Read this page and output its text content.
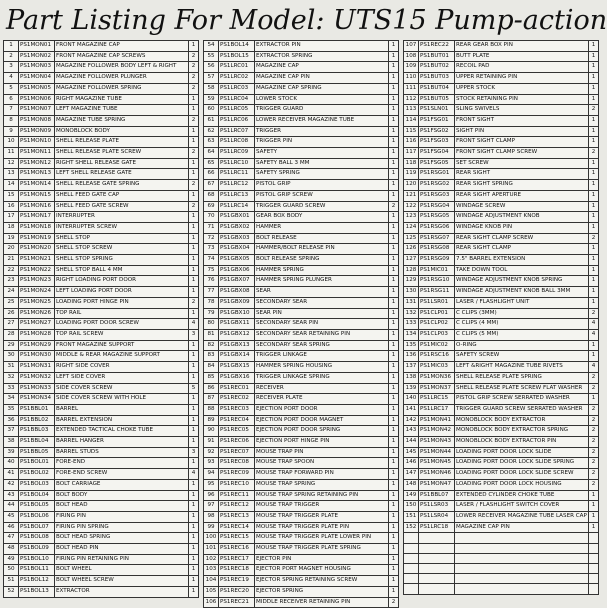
Part Listing For Model: UTS15 Pump-action
1	PS1MON01	FRONT MAGAZINE CAP	1
2	PS1MON02	FRONT MAGAZINE CAP SCREWS	2
3	PS1MON03	MAGAZINE FOLLOWER BODY LEFT & RIGHT	2
4	PS1MON04	MAGAZINE FOLLOWER PLUNGER	2
5	PS1MON05	MAGAZINE FOLLOWER SPRING	2
6	PS1MON06	RIGHT MAGAZINE TUBE	1
7	PS1MON07	LEFT MAGAZINE TUBE	1
8	PS1MON08	MAGAZINE TUBE SPRING	2
9	PS1MON09	MONOBLOCK BODY	1
10	PS1MON10	SHELL RELEASE PLATE	1
11	PS1MON11	SHELL RELEASE PLATE SCREW	2
12	PS1MON12	RIGHT SHELL RELEASE GATE	1
13	PS1MON13	LEFT SHELL RELEASE GATE	1
14	PS1MON14	SHELL RELEASE GATE SPRING	2
15	PS1MON15	SHELL FEED GATE CAP	1
16	PS1MON16	SHELL FEED GATE SCREW	2
17	PS1MON17	INTERRUPTER	1
18	PS1MON18	INTERRUPTER SCREW	1
19	PS1MON19	SHELL STOP	1
20	PS1MON20	SHELL STOP SCREW	1
21	PS1MON21	SHELL STOP SPRING	1
22	PS1MON22	SHELL STOP BALL 4 MM	1
23	PS1MON23	RIGHT LOADING PORT DOOR	1
24	PS1MON24	LEFT LOADING PORT DOOR	1
25	PS1MON25	LOADING PORT HINGE PIN	2
26	PS1MON26	TOP RAIL	1
27	PS1MON27	LOADING PORT DOOR SCREW	4
28	PS1MON28	TOP RAIL SCREW	3
29	PS1MON29	FRONT MAGAZINE SUPPORT	1
30	PS1MON30	MIDDLE & REAR MAGAZINE SUPPORT	1
31	PS1MON31	RIGHT SIDE COVER	1
32	PS1MON32	LEFT SIDE COVER	1
33	PS1MON33	SIDE COVER SCREW	5
34	PS1MON34	SIDE COVER SCREW WITH HOLE	1
35	PS1BBL01	BARREL	1
36	PS1BBL02	BARREL EXTENSION	1
37	PS1BBL03	EXTENDED TACTICAL CHOKE TUBE	1
38	PS1BBL04	BARREL HANGER	1
39	PS1BBL05	BARREL STUDS	3
40	PS1BOL01	FORE-END	1
41	PS1BOL02	FORE-END SCREW	4
42	PS1BOL03	BOLT CARRIAGE	1
43	PS1BOL04	BOLT BODY	1
44	PS1BOL05	BOLT HEAD	1
45	PS1BOL06	FIRING PIN	1
46	PS1BOL07	FIRING PIN SPRING	1
47	PS1BOL08	BOLT HEAD SPRING	1
48	PS1BOL09	BOLT HEAD PIN	1
49	PS1BOL10	FIRING PIN RETAINING PIN	1
50	PS1BOL11	BOLT WHEEL	1
51	PS1BOL12	BOLT WHEEL SCREW	1
52	PS1BOL13	EXTRACTOR	1
54	PS1BOL14	EXTRACTOR PIN	1
55	PS1BOL15	EXTRACTOR SPRING	1
56	PS1LRC01	MAGAZINE CAP	1
57	PS1LRC02	MAGAZINE CAP PIN	1
58	PS1LRC03	MAGAZINE CAP SPRING	1
59	PS1LRC04	LOWER STOCK	1
60	PS1LRC05	TRIGGER GUARD	1
61	PS1LRC06	LOWER RECEIVER MAGAZINE TUBE	1
62	PS1LRC07	TRIGGER	1
63	PS1LRC08	TRIGGER PIN	1
64	PS1LRC09	SAFETY	1
65	PS1LRC10	SAFETY BALL 3 MM	1
66	PS1LRC11	SAFETY SPRING	1
67	PS1LRC12	PISTOL GRIP	1
68	PS1LRC13	PISTOL GRIP SCREW	1
69	PS1LRC14	TRIGGER GUARD SCREW	2
70	PS1GBX01	GEAR BOX BODY	1
71	PS1GBX02	HAMMER	1
72	PS1GBX03	BOLT RELEASE	1
73	PS1GBX04	HAMMER/BOLT RELEASE PIN	1
74	PS1GBX05	BOLT RELEASE SPRING	1
75	PS1GBX06	HAMMER SPRING	1
76	PS1GBX07	HAMMER SPRING PLUNGER	1
77	PS1GBX08	SEAR	1
78	PS1GBX09	SECONDARY SEAR	1
79	PS1GBX10	SEAR PIN	1
80	PS1GBX11	SECONDARY SEAR PIN	1
81	PS1GBX12	SECONDARY SEAR RETAINING PIN	1
82	PS1GBX13	SECONDARY SEAR SPRING	1
83	PS1GBX14	TRIGGER LINKAGE	1
84	PS1GBX15	HAMMER SPRING HOUSING	1
85	PS1GBX16	TRIGGER LINKAGE SPRING	1
86	PS1REC01	RECEIVER	1
87	PS1REC02	RECEIVER PLATE	1
88	PS1REC03	EJECTION PORT DOOR	1
89	PS1REC04	EJECTION PORT DOOR MAGNET	1
90	PS1REC05	EJECTION PORT DOOR SPRING	1
91	PS1REC06	EJECTION PORT HINGE PIN	1
92	PS1REC07	MOUSE TRAP PIN	1
93	PS1REC08	MOUSE TRAP SPOON	1
94	PS1REC09	MOUSE TRAP FORWARD PIN	1
95	PS1REC10	MOUSE TRAP SPRING	1
96	PS1REC11	MOUSE TRAP SPRING RETAINING PIN	1
97	PS1REC12	MOUSE TRAP TRIGGER	1
98	PS1REC13	MOUSE TRAP TRIGGER PLATE	1
99	PS1REC14	MOUSE TRAP TRIGGER PLATE PIN	1
100	PS1REC15	MOUSE TRAP TRIGGER PLATE LOWER PIN	1
101	PS1REC16	MOUSE TRAP TRIGGER PLATE SPRING	1
102	PS1REC17	EJECTOR PIN	1
103	PS1REC18	EJECTOR PORT MAGNET HOUSING	1
104	PS1REC19	EJECTOR SPRING RETAINING SCREW	1
105	PS1REC20	EJECTOR SPRING	1
106	PS1REC21	MIDDLE RECEIVER RETAINING PIN	2
107	PS1REC22	REAR GEAR BOX PIN	1
108	PS1BUT01	BUTT PLATE	1
109	PS1BUT02	RECOIL PAD	1
110	PS1BUT03	UPPER RETAINING PIN	1
111	PS1BUT04	UPPER STOCK	1
112	PS1BUT05	STOCK RETAINING PIN	1
113	PS1SLN01	SLING SWIVELS	2
114	PS1FSG01	FRONT SIGHT	1
115	PS1FSG02	SIGHT PIN	1
116	PS1FSG03	FRONT SIGHT CLAMP	1
117	PS1FSG04	FRONT SIGHT CLAMP SCREW	2
118	PS1FSG05	SET SCREW	1
119	PS1RSG01	REAR SIGHT	1
120	PS1RSG02	REAR SIGHT SPRING	1
121	PS1RSG03	REAR SIGHT APERTURE	1
122	PS1RSG04	WINDAGE SCREW	1
123	PS1RSG05	WINDAGE ADJUSTMENT KNOB	1
124	PS1RSG06	WINDAGE KNOB PIN	1
125	PS1RSG07	REAR SIGHT CLAMP SCREW	2
126	PS1RSG08	REAR SIGHT CLAMP	1
127	PS1RSG09	7.5" BARREL EXTENSION	1
128	PS1MIC01	TAKE DOWN TOOL	1
129	PS1RSG10	WINDAGE ADJUSTMENT KNOB SPRING	1
130	PS1RSG11	WINDAGE ADJUSTMENT KNOB BALL 3MM	1
131	PS1LSR01	LASER / FLASHLIGHT UNIT	1
132	PS1CLP01	C CLIPS (3MM)	2
133	PS1CLP02	C CLIPS (4 MM)	4
134	PS1CLP03	C CLIPS (5 MM)	4
135	PS1MIC02	O-RING	1
136	PS1RSC16	SAFETY SCREW	1
137	PS1MIC03	LEFT &RIGHT MAGAZINE TUBE RIVETS	4
138	PS1MON36	SHELL RELEASE PLATE SPRING	2
139	PS1MON37	SHELL RELEASE PLATE SCREW FLAT WASHER	2
140	PS1LRC15	PISTOL GRIP SCREW SERRATED WASHER	1
141	PS1LRC17	TRIGGER GUARD SCREW SERRATED WASHER	2
142	PS1MON41	MONOBLOCK BODY EXTRACTOR	2
143	PS1MON42	MONOBLOCK BODY EXTRACTOR SPRING	2
144	PS1MON43	MONOBLOCK BODY EXTRACTOR PIN	2
145	PS1MON44	LOADING PORT DOOR LOCK SLIDE	2
146	PS1MON45	LOADING PORT DOOR LOCK SLIDE SPRING	2
147	PS1MON46	LOADING PORT DOOR LOCK SLIDE SCREW	2
148	PS1MON47	LOADING PORT DOOR LOCK HOUSING	2
149	PS1BBL07	EXTENDED CYLINDER CHOKE TUBE	1
150	PS1LSR03	LASER / FLASHLIGHT SWITCH COVER	1
151	PS1LSR04	LOWER RECEIVER MAGAZINE TUBE LASER CAP	1
152	PS1LRC18	MAGAZINE CAP PIN	1
